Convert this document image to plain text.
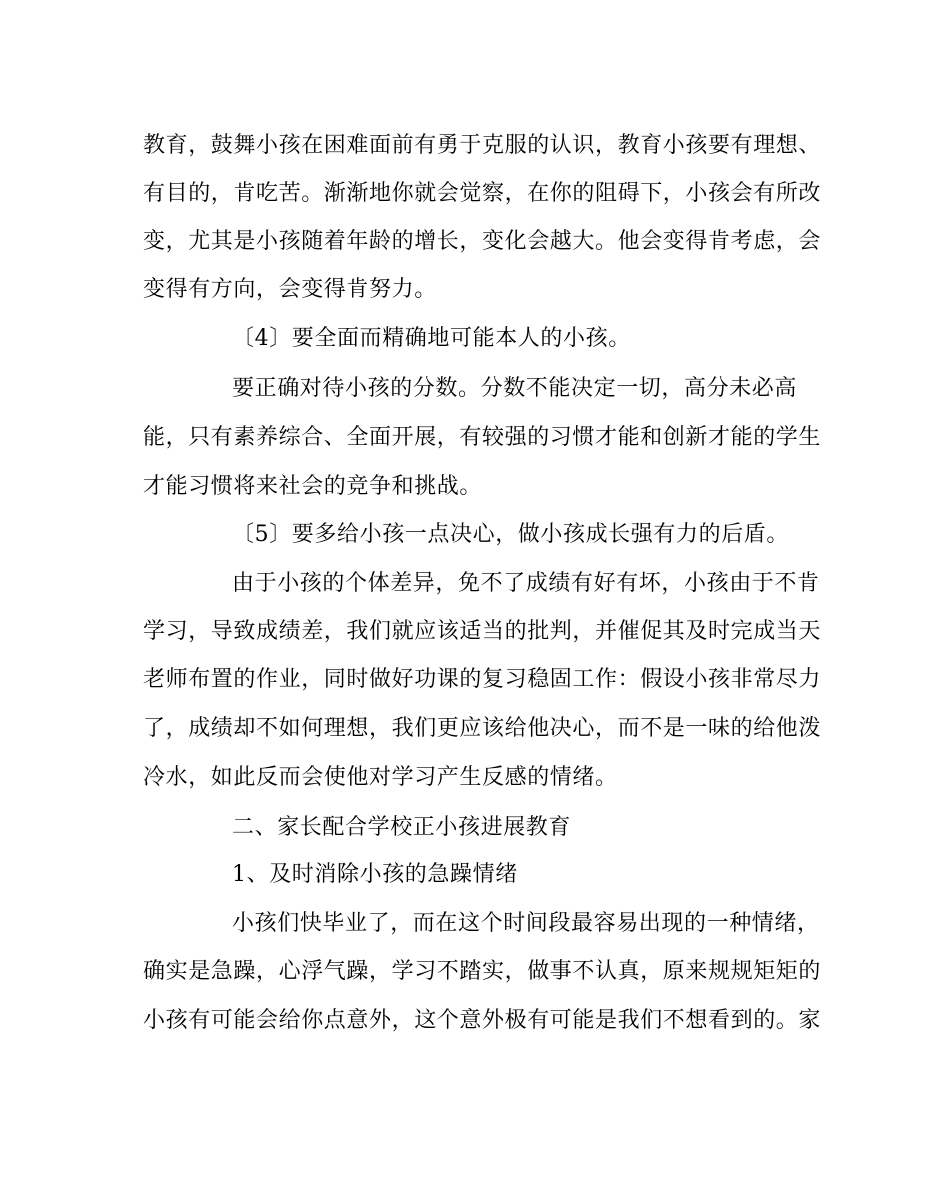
教育，鼓舞小孩在困难面前有勇于克服的认识，教育小孩要有理想、
有目的，肯吃苦。渐渐地你就会觉察，在你的阻碍下，小孩会有所改
变，尤其是小孩随着年龄的增长，变化会越大。他会变得肯考虑，会
变得有方向，会变得肯努力。
〔4〕要全面而精确地可能本人的小孩。
要正确对待小孩的分数。分数不能决定一切，高分未必高
能，只有素养综合、全面开展，有较强的习惯才能和创新才能的学生
才能习惯将来社会的竞争和挑战。
〔5〕要多给小孩一点决心，做小孩成长强有力的后盾。
由于小孩的个体差异，免不了成绩有好有坏，小孩由于不肯
学习，导致成绩差，我们就应该适当的批判，并催促其及时完成当天
老师布置的作业，同时做好功课的复习稳固工作：假设小孩非常尽力
了，成绩却不如何理想，我们更应该给他决心，而不是一味的给他泼
冷水，如此反而会使他对学习产生反感的情绪。
二、家长配合学校正小孩进展教育
1、及时消除小孩的急躁情绪
小孩们快毕业了，而在这个时间段最容易出现的一种情绪，
确实是急躁，心浮气躁，学习不踏实，做事不认真，原来规规矩矩的
小孩有可能会给你点意外，这个意外极有可能是我们不想看到的。家
